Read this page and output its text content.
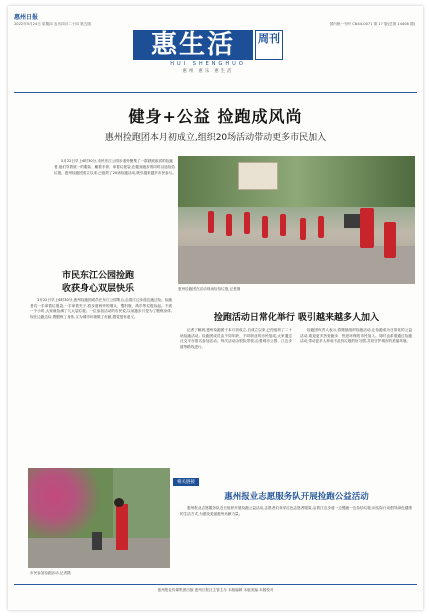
惠州日报
2022年5月24日 星期四 农历四月二十四 第五版	国内统一刊号 CN44-0071 第 17 版(总第 14408 期)
惠生活	周刊
HUI SHENGHUO
惠州 惠乐 惠生活
健身+公益 捡跑成风尚
惠州捡跑团本月初成立,组织20场活动带动更多市民加入
5月22日早上6时30分,市民东江公园步道旁聚集了一群跃跃欲试的捡跑者,他们穿着统一的服装、戴着手套、拿着垃圾袋,在健身跑步的同时沿途捡拾垃圾。惠州捡跑团成立以来,已组织了20场捡跑活动,吸引越来越多市民参与。
惠州捡跑团在活动现场捡拾垃圾,记者摄
市民东江公园捡跑
收获身心双层快乐
3月22日早上6时30分,惠州捡跑团成员在东江公园集合,沿着江边步道边跑边捡。捡跑者们一手拿着垃圾袋,一手拿着夹子,将步道两旁的烟头、塑料瓶、纸巾等垃圾捡起。不到一个小时,大家就捡满了几大袋垃圾。一位参加活动的市民说,以前跑步只是为了锻炼身体,现在边跑边捡,既锻炼了身体,又为城市环境做了贡献,感觉很有意义。
市民参加捡跑活动,记者摄
捡跑活动日常化举行 吸引越来越多人加入
记者了解到,惠州捡跑团于本月初成立,自成立以来,已经组织了二十场捡跑活动。捡跑团成员由不同年龄、不同职业的市民组成,大家通过社交平台报名参加活动。每次活动由领队带领,沿着城市公园、江边步道等路线进行。
捡跑团负责人表示,将继续组织捡跑活动,让捡跑成为日常化的公益活动,欢迎更多热爱跑步、热爱环保的市民加入。同时也希望通过捡跑活动,带动更多人养成不乱扔垃圾的好习惯,共同守护城市的美丽环境。
相关链接
惠州报业志愿服务队开展捡跑公益活动
惠州报业志愿服务队近日组织开展捡跑公益活动,志愿者们身穿红色志愿者服装,沿着江边步道一边慢跑一边捡拾垃圾,用实际行动倡导绿色健康的生活方式,为建设美丽惠州贡献力量。
惠州报业传媒集团出版 惠州日报社主管主办 本版编辑 本版美编 本版校对
